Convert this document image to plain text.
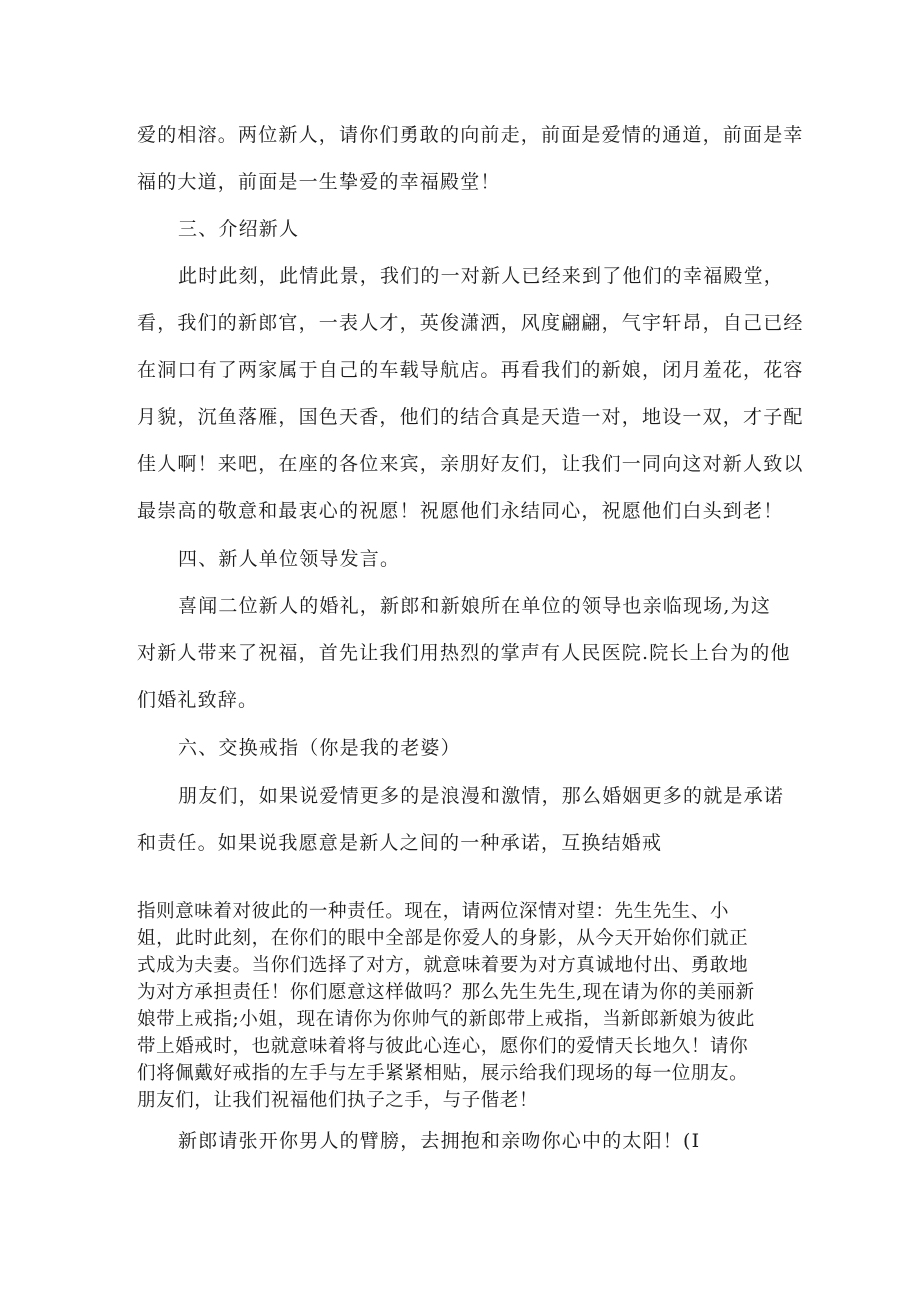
爱的相溶。两位新人，请你们勇敢的向前走，前面是爱情的通道，前面是幸
福的大道，前面是一生挚爱的幸福殿堂！
三、介绍新人
此时此刻，此情此景，我们的一对新人已经来到了他们的幸福殿堂，
看，我们的新郎官，一表人才，英俊潇洒，风度翩翩，气宇轩昂，自己已经
在洞口有了两家属于自己的车载导航店。再看我们的新娘，闭月羞花，花容
月貌，沉鱼落雁，国色天香，他们的结合真是天造一对，地设一双，才子配
佳人啊！来吧，在座的各位来宾，亲朋好友们，让我们一同向这对新人致以
最崇高的敬意和最衷心的祝愿！祝愿他们永结同心，祝愿他们白头到老！
四、新人单位领导发言。
喜闻二位新人的婚礼，新郎和新娘所在单位的领导也亲临现场,为这
对新人带来了祝福，首先让我们用热烈的掌声有人民医院.院长上台为的他
们婚礼致辞。
六、交换戒指（你是我的老婆）
朋友们，如果说爱情更多的是浪漫和激情，那么婚姻更多的就是承诺
和责任。如果说我愿意是新人之间的一种承诺，互换结婚戒
指则意味着对彼此的一种责任。现在，请两位深情对望：先生先生、小
姐，此时此刻，在你们的眼中全部是你爱人的身影，从今天开始你们就正
式成为夫妻。当你们选择了对方，就意味着要为对方真诚地付出、勇敢地
为对方承担责任！你们愿意这样做吗？那么先生先生,现在请为你的美丽新
娘带上戒指;小姐，现在请你为你帅气的新郎带上戒指，当新郎新娘为彼此
带上婚戒时，也就意味着将与彼此心连心，愿你们的爱情天长地久！请你
们将佩戴好戒指的左手与左手紧紧相贴，展示给我们现场的每一位朋友。
朋友们，让我们祝福他们执子之手，与子偕老！
新郎请张开你男人的臂膀，去拥抱和亲吻你心中的太阳！(I
